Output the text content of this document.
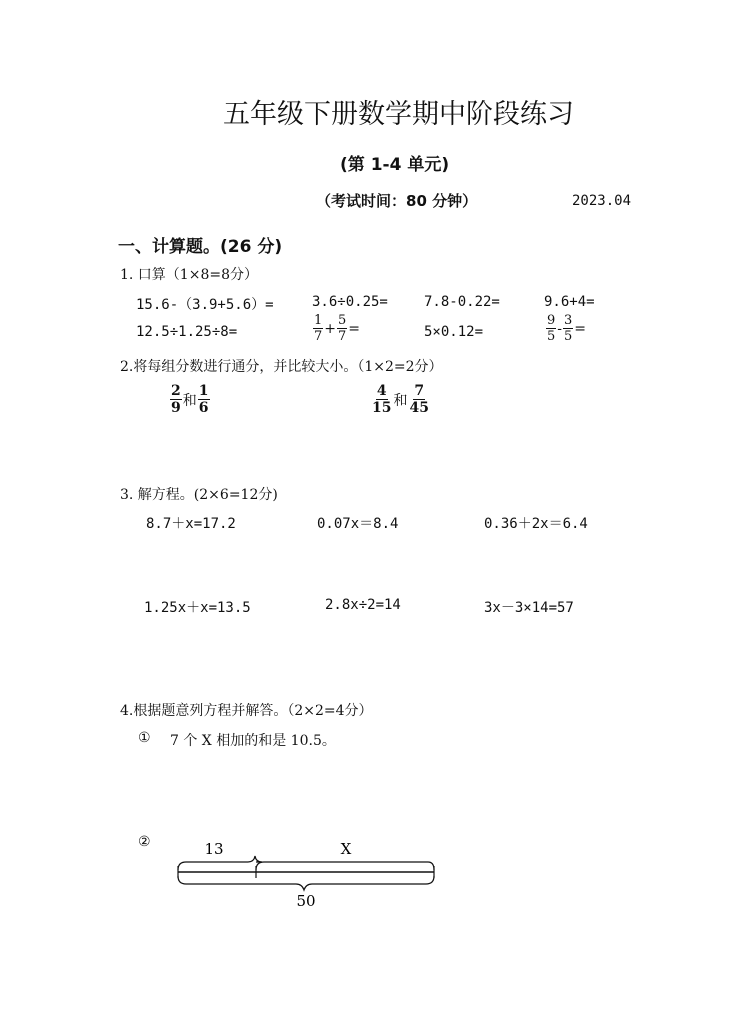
五年级下册数学期中阶段练习
(第 1-4 单元)
（考试时间：80 分钟）	2023.04
一、计算题。(26 分)
1. 口算（1×8=8分）
15.6-（3.9+5.6）=	3.6÷0.25=	7.8-0.22=	9.6+4=
12.5÷1.25÷8=	$\frac{1}{7} + \frac{5}{7}$ =	5×0.12=	$\frac{9}{5} - \frac{3}{5}$ =
2.将每组分数进行通分，并比较大小。（1×2=2分）
$\frac{2}{9}$ 和 $\frac{1}{6}$	$\frac{4}{15}$ 和 $\frac{7}{45}$
3. 解方程。(2×6=12分)
8.7＋x=17.2	0.07x＝8.4	0.36＋2x＝6.4
1.25x＋x=13.5	2.8x÷2=14	3x－3×14=57
4.根据题意列方程并解答。（2×2=4分）
① 7 个 X 相加的和是 10.5。
②	13	X
50
